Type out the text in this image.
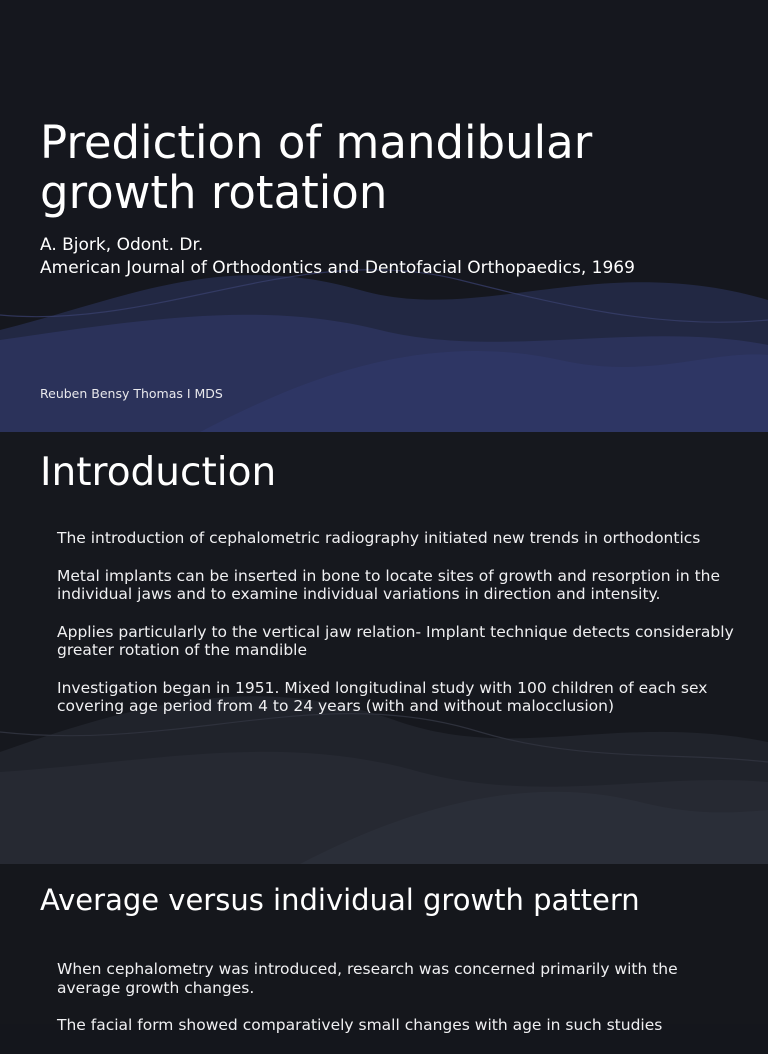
Prediction of mandibular growth rotation
A. Bjork, Odont. Dr.
American Journal of Orthodontics and Dentofacial Orthopaedics, 1969
Reuben Bensy Thomas I MDS
Introduction
The introduction of cephalometric radiography initiated new trends in orthodontics
Metal implants can be inserted in bone to locate sites of growth and resorption in the individual jaws and to examine individual variations in direction and intensity.
Applies particularly to the vertical jaw relation- Implant technique detects considerably greater rotation of the mandible
Investigation began in 1951. Mixed longitudinal study with 100 children of each sex covering age period from 4 to 24 years (with and without malocclusion)
Average versus individual growth pattern
When cephalometry was introduced, research was concerned primarily with the average growth changes.
The facial form showed comparatively small changes with age in such studies
